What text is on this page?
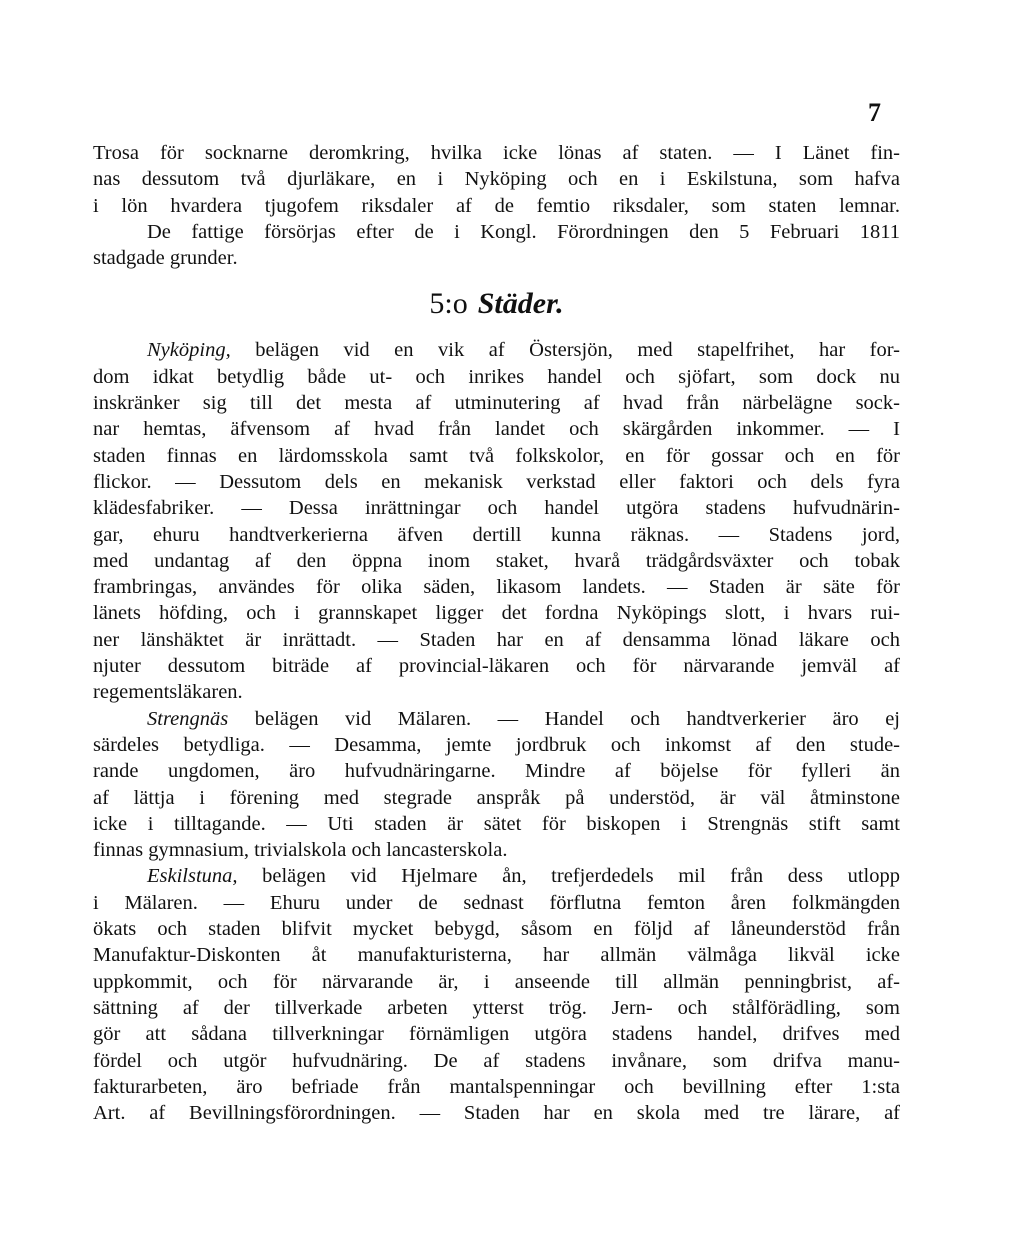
7

Trosa för socknarne deromkring, hvilka icke lönas af staten. — I Länet fin-
nas dessutom två djurläkare, en i Nyköping och en i Eskilstuna, som hafva
i lön hvardera tjugofem riksdaler af de femtio riksdaler, som staten lemnar.
De fattige försörjas efter de i Kongl. Förordningen den 5 Februari 1811
stadgade grunder.
5:o Städer.
Nyköping, belägen vid en vik af Östersjön, med stapelfrihet, har for-
dom idkat betydlig både ut- och inrikes handel och sjöfart, som dock nu
inskränker sig till det mesta af utminutering af hvad från närbelägne sock-
nar hemtas, äfvensom af hvad från landet och skärgården inkommer. — I
staden finnas en lärdomsskola samt två folkskolor, en för gossar och en för
flickor. — Dessutom dels en mekanisk verkstad eller faktori och dels fyra
klädesfabriker. — Dessa inrättningar och handel utgöra stadens hufvudnärin-
gar, ehuru handtverkerierna äfven dertill kunna räknas. — Stadens jord,
med undantag af den öppna inom staket, hvarå trädgårdsväxter och tobak
frambringas, användes för olika säden, likasom landets. — Staden är säte för
länets höfding, och i grannskapet ligger det fordna Nyköpings slott, i hvars rui-
ner länshäktet är inrättadt. — Staden har en af densamma lönad läkare och
njuter dessutom biträde af provincial-läkaren och för närvarande jemväl af
regementsläkaren.
Strengnäs belägen vid Mälaren. — Handel och handtverkerier äro ej
särdeles betydliga. — Desamma, jemte jordbruk och inkomst af den stude-
rande ungdomen, äro hufvudnäringarne. Mindre af böjelse för fylleri än
af lättja i förening med stegrade anspråk på understöd, är väl åtminstone
icke i tilltagande. — Uti staden är sätet för biskopen i Strengnäs stift samt
finnas gymnasium, trivialskola och lancasterskola.
Eskilstuna, belägen vid Hjelmare ån, trefjerdedels mil från dess utlopp
i Mälaren. — Ehuru under de sednast förflutna femton åren folkmängden
ökats och staden blifvit mycket bebygd, såsom en följd af låneunderstöd från
Manufaktur-Diskonten åt manufakturisterna, har allmän välmåga likväl icke
uppkommit, och för närvarande är, i anseende till allmän penningbrist, af-
sättning af der tillverkade arbeten ytterst trög. Jern- och stålförädling, som
gör att sådana tillverkningar förnämligen utgöra stadens handel, drifves med
fördel och utgör hufvudnäring. De af stadens invånare, som drifva manu-
fakturarbeten, äro befriade från mantalspenningar och bevillning efter 1:sta
Art. af Bevillningsförordningen. — Staden har en skola med tre lärare, af
